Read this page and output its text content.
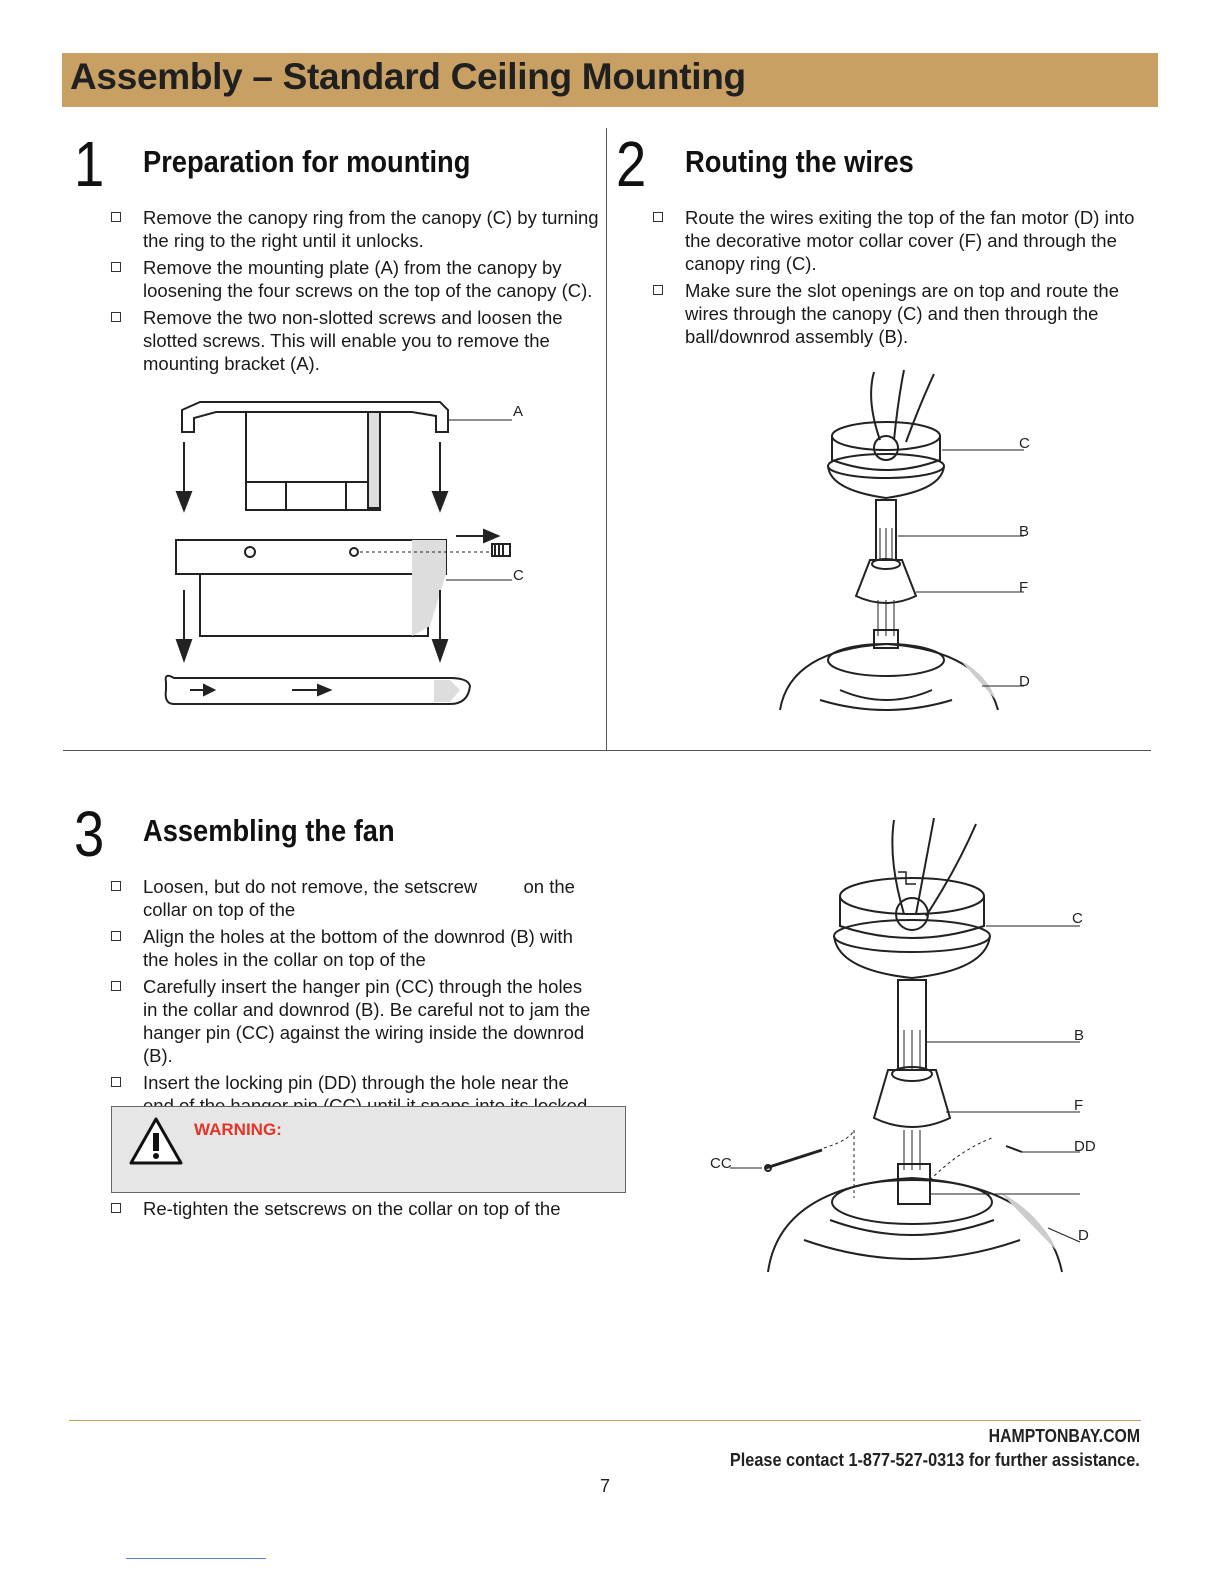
Assembly – Standard Ceiling Mounting
1 Preparation for mounting
Remove the canopy ring from the canopy (C) by turning the ring to the right until it unlocks.
Remove the mounting plate (A) from the canopy by loosening the four screws on the top of the canopy (C).
Remove the two non-slotted screws and loosen the slotted screws. This will enable you to remove the mounting bracket (A).
A
C
2 Routing the wires
Route the wires exiting the top of the fan motor (D) into the decorative motor collar cover (F) and through the canopy ring (C).
Make sure the slot openings are on top and route the wires through the canopy (C) and then through the ball/downrod assembly (B).
C
B
F
D
3 Assembling the fan
Loosen, but do not remove, the setscrew         on the collar on top of the
Align the holes at the bottom of the downrod (B) with the holes in the collar on top of the
Carefully insert the hanger pin (CC) through the holes in the collar and downrod (B). Be careful not to jam the hanger pin (CC) against the wiring inside the downrod (B).
Insert the locking pin (DD) through the hole near the
WARNING:
Re-tighten the setscrews on the collar on top of the
C
B
F
DD
CC
D
HAMPTONBAY.COM
Please contact 1-877-527-0313 for further assistance.
7
